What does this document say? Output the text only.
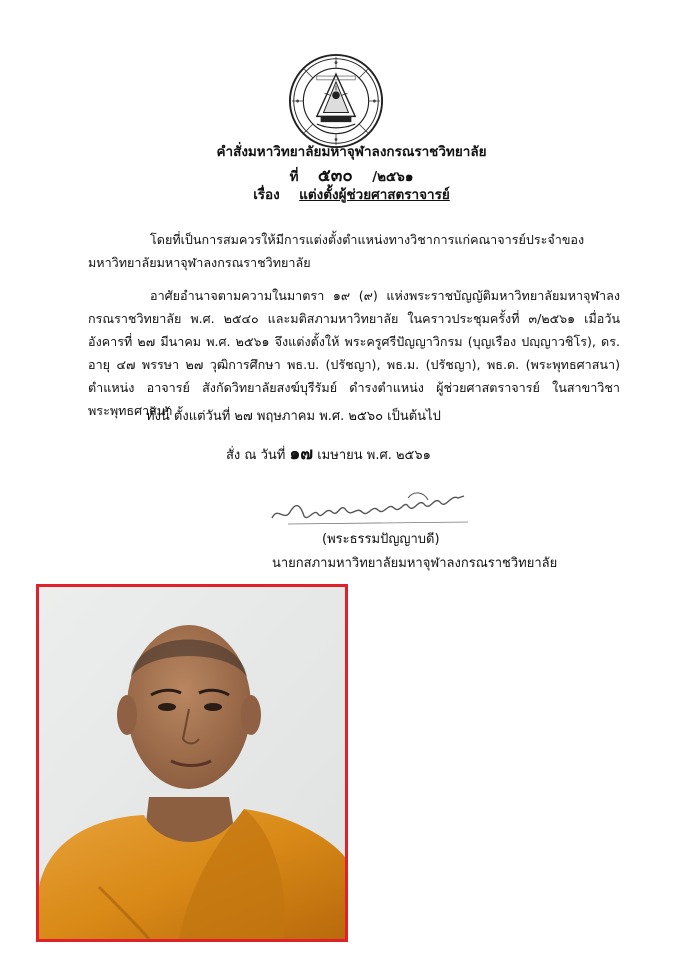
คำสั่งมหาวิทยาลัยมหาจุฬาลงกรณราชวิทยาลัย
ที่ ๕๓๐ /๒๕๖๑
เรื่อง แต่งตั้งผู้ช่วยศาสตราจารย์
โดยที่เป็นการสมควรให้มีการแต่งตั้งตำแหน่งทางวิชาการแก่คณาจารย์ประจำของมหาวิทยาลัยมหาจุฬาลงกรณราชวิทยาลัย
อาศัยอำนาจตามความในมาตรา ๑๙ (๙) แห่งพระราชบัญญัติมหาวิทยาลัยมหาจุฬาลงกรณราชวิทยาลัย พ.ศ. ๒๕๔๐ และมติสภามหาวิทยาลัย ในคราวประชุมครั้งที่ ๓/๒๕๖๑ เมื่อวันอังคารที่ ๒๗ มีนาคม พ.ศ. ๒๕๖๑ จึงแต่งตั้งให้ พระครูศรีปัญญาวิกรม (บุญเรือง ปญฺญาวชิโร), ดร. อายุ ๔๗ พรรษา ๒๗ วุฒิการศึกษา พธ.บ. (ปรัชญา), พธ.ม. (ปรัชญา), พธ.ด. (พระพุทธศาสนา) ตำแหน่ง อาจารย์ สังกัดวิทยาลัยสงฆ์บุรีรัมย์ ดำรงตำแหน่ง ผู้ช่วยศาสตราจารย์ ในสาขาวิชาพระพุทธศาสนา
ทั้งนี้ ตั้งแต่วันที่ ๒๗ พฤษภาคม พ.ศ. ๒๕๖๐ เป็นต้นไป
สั่ง ณ วันที่ ๑๗ เมษายน พ.ศ. ๒๕๖๑
(พระธรรมปัญญาบดี)
นายกสภามหาวิทยาลัยมหาจุฬาลงกรณราชวิทยาลัย
